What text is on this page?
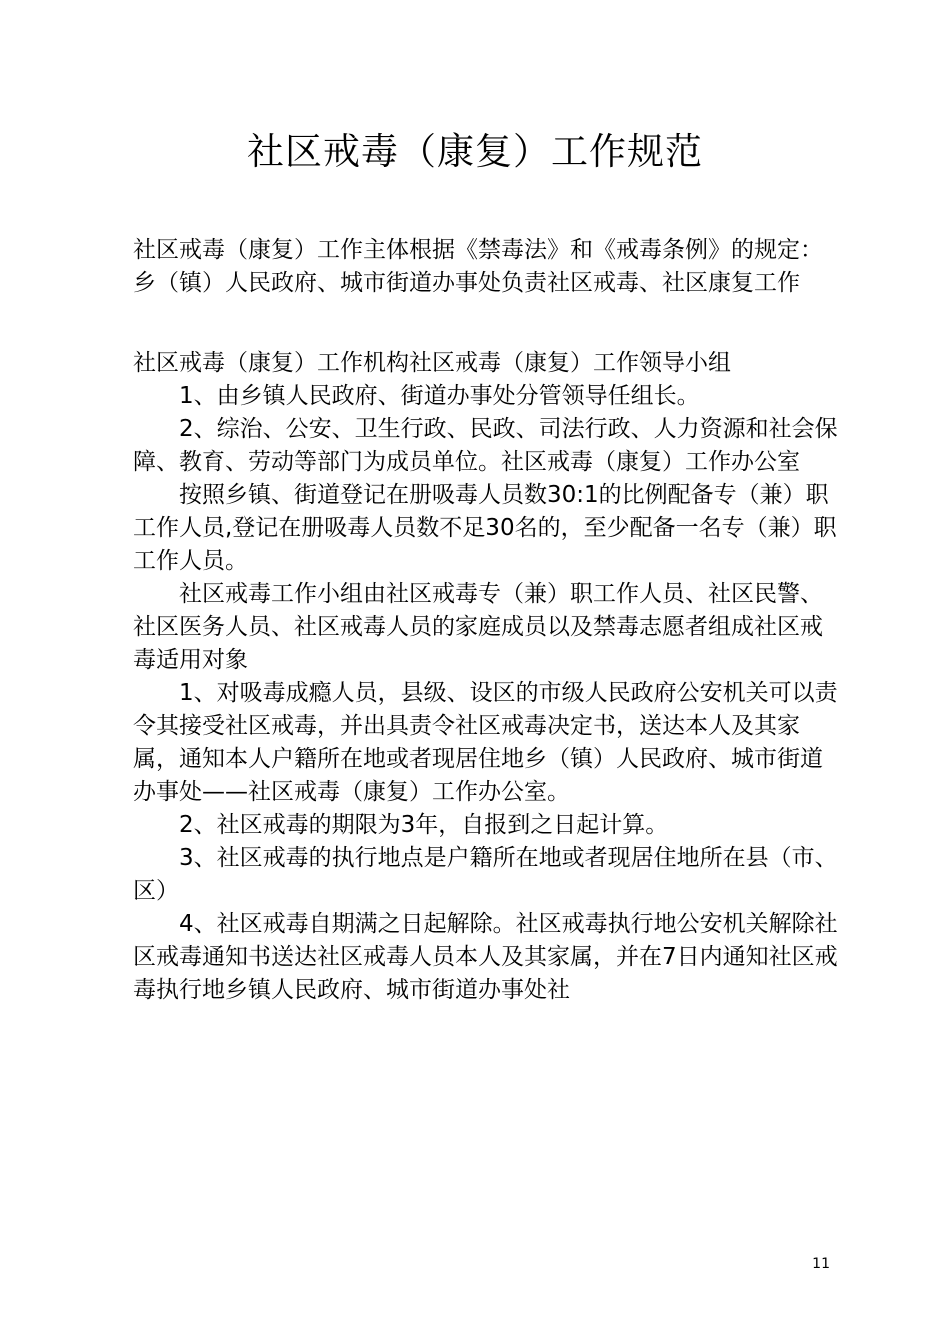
社区戒毒（康复）工作规范

社区戒毒（康复）工作主体根据《禁毒法》和《戒毒条例》的规定：乡（镇）人民政府、城市街道办事处负责社区戒毒、社区康复工作

社区戒毒（康复）工作机构社区戒毒（康复）工作领导小组

1、由乡镇人民政府、街道办事处分管领导任组长。

2、综治、公安、卫生行政、民政、司法行政、人力资源和社会保障、教育、劳动等部门为成员单位。社区戒毒（康复）工作办公室

按照乡镇、街道登记在册吸毒人员数30:1的比例配备专（兼）职工作人员,登记在册吸毒人员数不足30名的，至少配备一名专（兼）职工作人员。

社区戒毒工作小组由社区戒毒专（兼）职工作人员、社区民警、社区医务人员、社区戒毒人员的家庭成员以及禁毒志愿者组成社区戒毒适用对象

1、对吸毒成瘾人员，县级、设区的市级人民政府公安机关可以责令其接受社区戒毒，并出具责令社区戒毒决定书，送达本人及其家属，通知本人户籍所在地或者现居住地乡（镇）人民政府、城市街道办事处——社区戒毒（康复）工作办公室。

2、社区戒毒的期限为3年，自报到之日起计算。

3、社区戒毒的执行地点是户籍所在地或者现居住地所在县（市、区）

4、社区戒毒自期满之日起解除。社区戒毒执行地公安机关解除社区戒毒通知书送达社区戒毒人员本人及其家属，并在7日内通知社区戒毒执行地乡镇人民政府、城市街道办事处社

11
